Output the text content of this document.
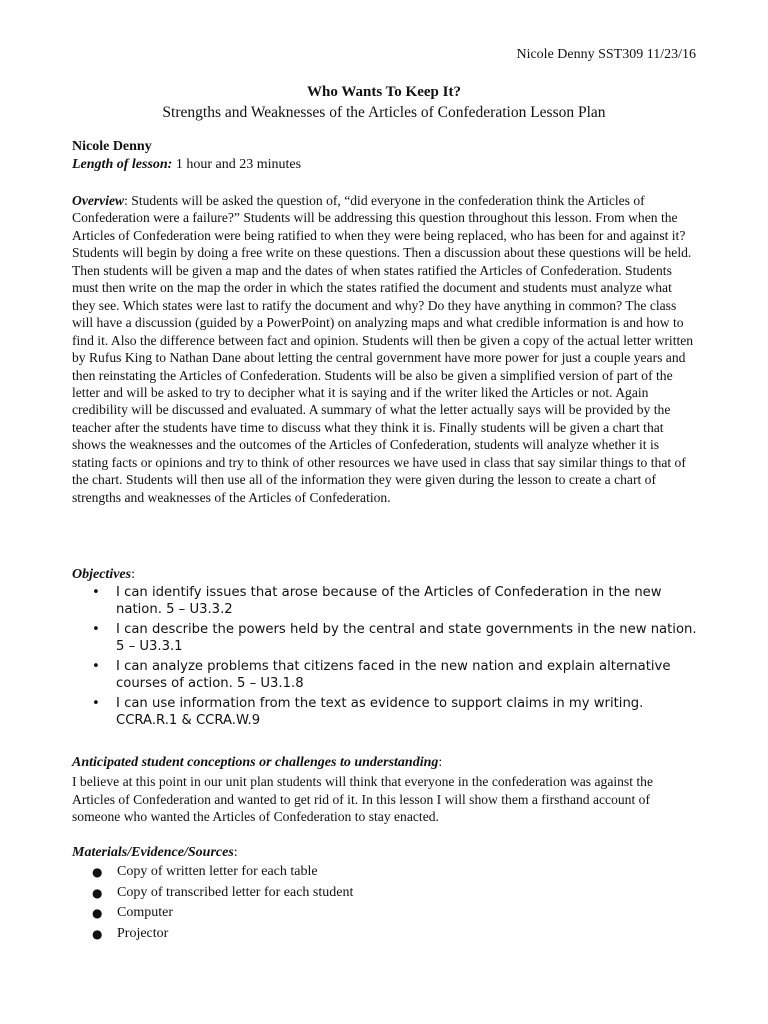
Nicole Denny SST309 11/23/16
Who Wants To Keep It?
Strengths and Weaknesses of the Articles of Confederation Lesson Plan
Nicole Denny
Length of lesson: 1 hour and 23 minutes
Overview: Students will be asked the question of, “did everyone in the confederation think the Articles of Confederation were a failure?” Students will be addressing this question throughout this lesson. From when the Articles of Confederation were being ratified to when they were being replaced, who has been for and against it? Students will begin by doing a free write on these questions. Then a discussion about these questions will be held. Then students will be given a map and the dates of when states ratified the Articles of Confederation. Students must then write on the map the order in which the states ratified the document and students must analyze what they see. Which states were last to ratify the document and why? Do they have anything in common? The class will have a discussion (guided by a PowerPoint) on analyzing maps and what credible information is and how to find it. Also the difference between fact and opinion. Students will then be given a copy of the actual letter written by Rufus King to Nathan Dane about letting the central government have more power for just a couple years and then reinstating the Articles of Confederation. Students will be also be given a simplified version of part of the letter and will be asked to try to decipher what it is saying and if the writer liked the Articles or not. Again credibility will be discussed and evaluated. A summary of what the letter actually says will be provided by the teacher after the students have time to discuss what they think it is. Finally students will be given a chart that shows the weaknesses and the outcomes of the Articles of Confederation, students will analyze whether it is stating facts or opinions and try to think of other resources we have used in class that say similar things to that of the chart. Students will then use all of the information they were given during the lesson to create a chart of strengths and weaknesses of the Articles of Confederation.
Objectives:
• I can identify issues that arose because of the Articles of Confederation in the new nation. 5 – U3.3.2
• I can describe the powers held by the central and state governments in the new nation. 5 – U3.3.1
• I can analyze problems that citizens faced in the new nation and explain alternative courses of action. 5 – U3.1.8
• I can use information from the text as evidence to support claims in my writing. CCRA.R.1 & CCRA.W.9
Anticipated student conceptions or challenges to understanding:
I believe at this point in our unit plan students will think that everyone in the confederation was against the Articles of Confederation and wanted to get rid of it. In this lesson I will show them a firsthand account of someone who wanted the Articles of Confederation to stay enacted.
Materials/Evidence/Sources:
● Copy of written letter for each table
● Copy of transcribed letter for each student
● Computer
● Projector
